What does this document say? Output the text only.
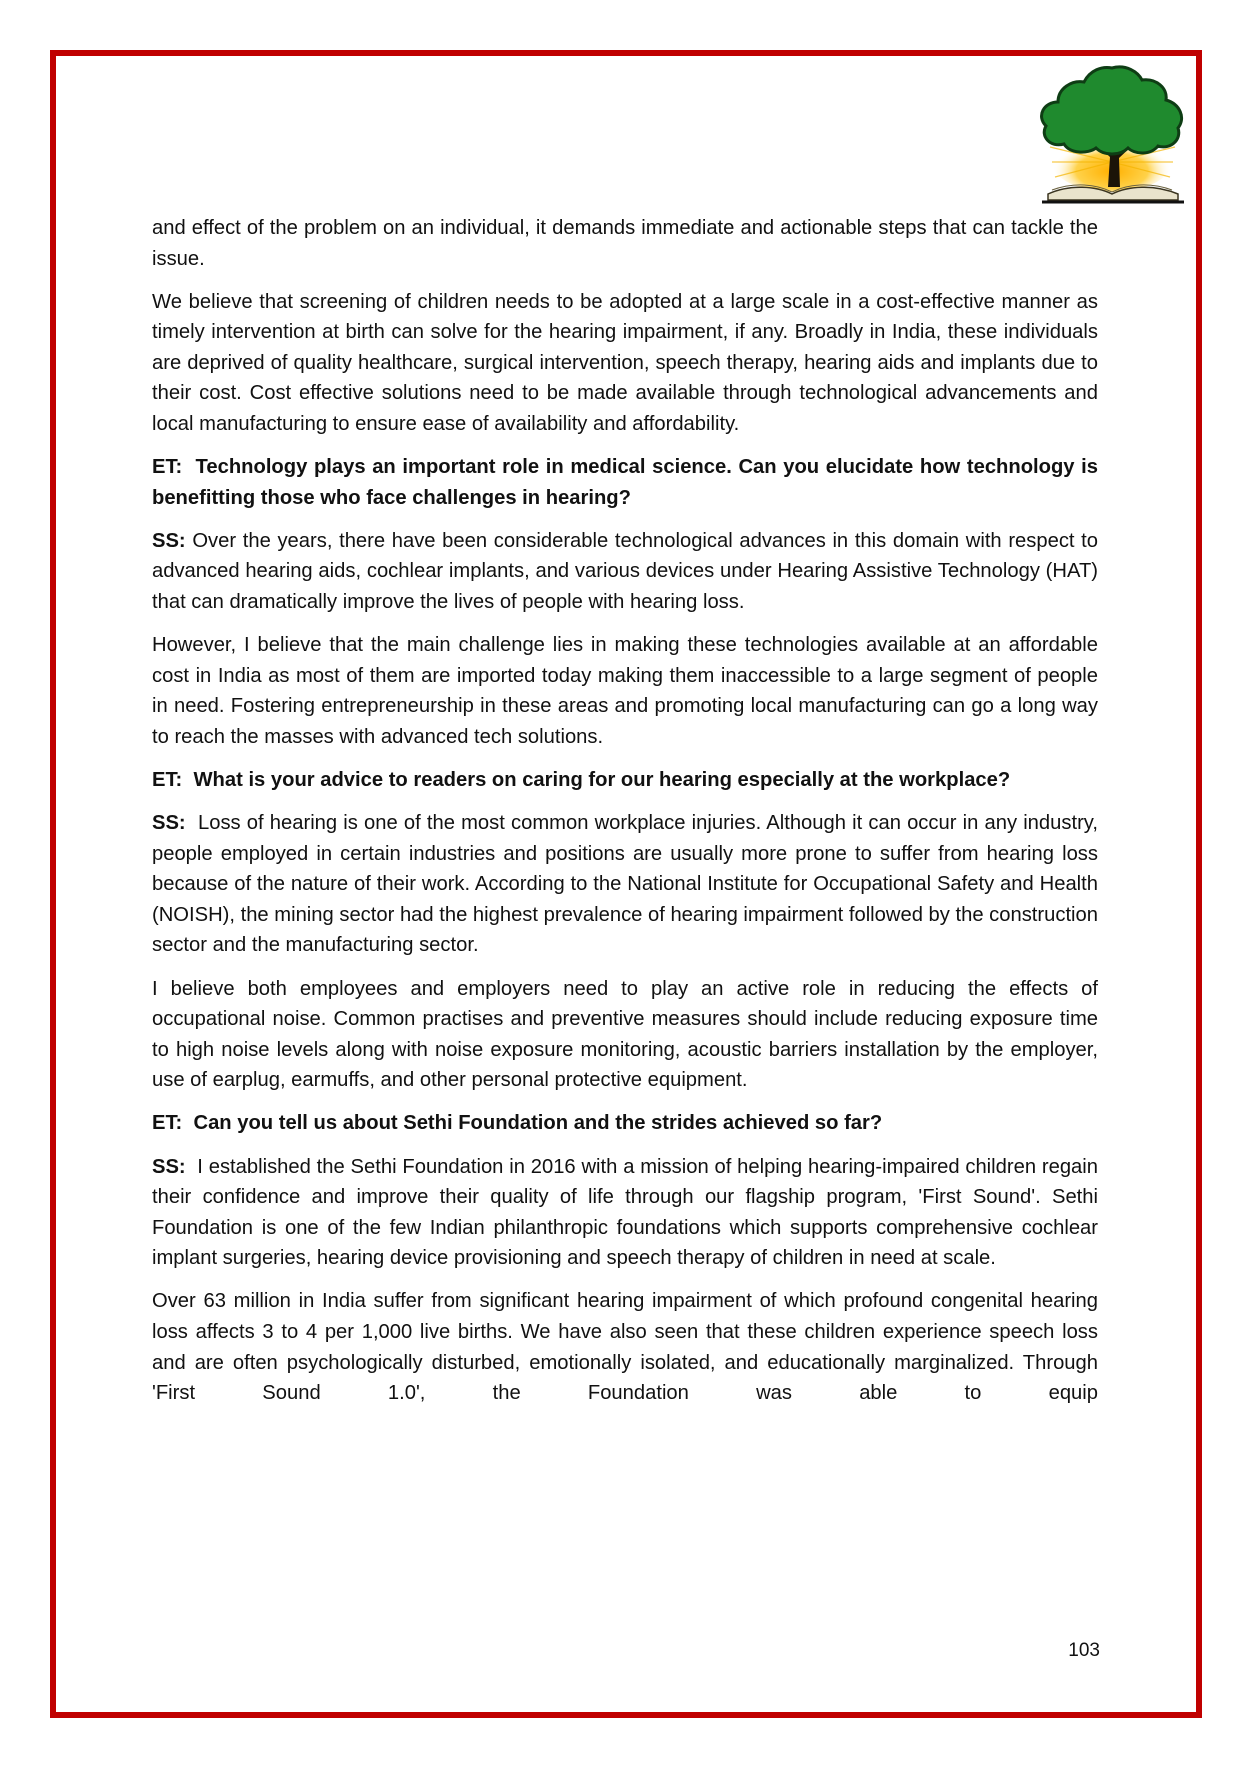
and effect of the problem on an individual, it demands immediate and actionable steps that can tackle the issue.

We believe that screening of children needs to be adopted at a large scale in a cost-effective manner as timely intervention at birth can solve for the hearing impairment, if any. Broadly in India, these individuals are deprived of quality healthcare, surgical intervention, speech therapy, hearing aids and implants due to their cost. Cost effective solutions need to be made available through technological advancements and local manufacturing to ensure ease of availability and affordability.

ET: Technology plays an important role in medical science. Can you elucidate how technology is benefitting those who face challenges in hearing?

SS: Over the years, there have been considerable technological advances in this domain with respect to advanced hearing aids, cochlear implants, and various devices under Hearing Assistive Technology (HAT) that can dramatically improve the lives of people with hearing loss.

However, I believe that the main challenge lies in making these technologies available at an affordable cost in India as most of them are imported today making them inaccessible to a large segment of people in need. Fostering entrepreneurship in these areas and promoting local manufacturing can go a long way to reach the masses with advanced tech solutions.

ET: What is your advice to readers on caring for our hearing especially at the workplace?

SS: Loss of hearing is one of the most common workplace injuries. Although it can occur in any industry, people employed in certain industries and positions are usually more prone to suffer from hearing loss because of the nature of their work. According to the National Institute for Occupational Safety and Health (NOISH), the mining sector had the highest prevalence of hearing impairment followed by the construction sector and the manufacturing sector.

I believe both employees and employers need to play an active role in reducing the effects of occupational noise. Common practises and preventive measures should include reducing exposure time to high noise levels along with noise exposure monitoring, acoustic barriers installation by the employer, use of earplug, earmuffs, and other personal protective equipment.

ET: Can you tell us about Sethi Foundation and the strides achieved so far?

SS: I established the Sethi Foundation in 2016 with a mission of helping hearing-impaired children regain their confidence and improve their quality of life through our flagship program, 'First Sound'. Sethi Foundation is one of the few Indian philanthropic foundations which supports comprehensive cochlear implant surgeries, hearing device provisioning and speech therapy of children in need at scale.

Over 63 million in India suffer from significant hearing impairment of which profound congenital hearing loss affects 3 to 4 per 1,000 live births. We have also seen that these children experience speech loss and are often psychologically disturbed, emotionally isolated, and educationally marginalized. Through 'First Sound 1.0', the Foundation was able to equip

103
